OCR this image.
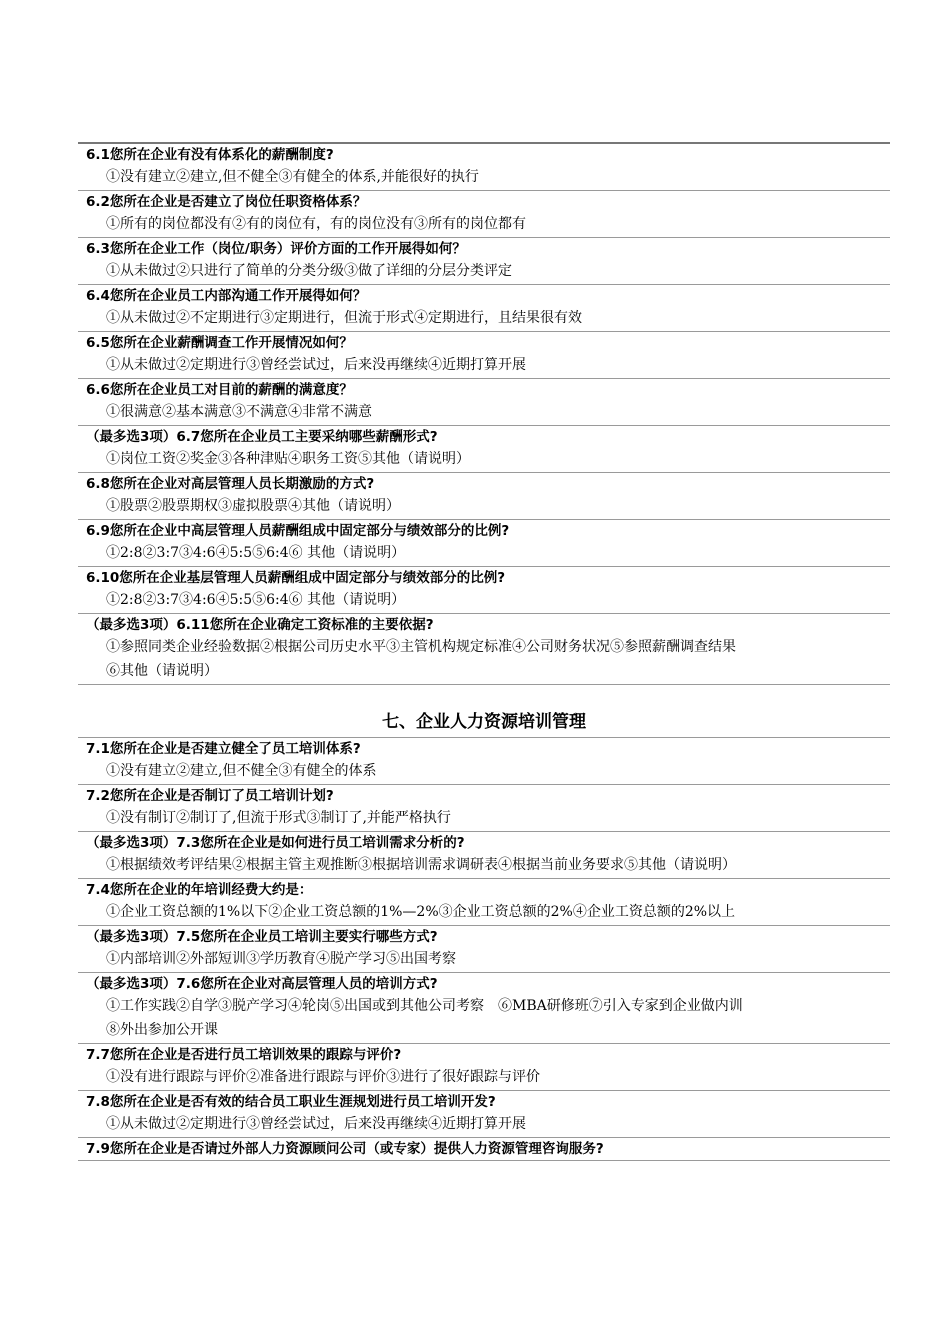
6.1您所在企业有没有体系化的薪酬制度?
①没有建立②建立,但不健全③有健全的体系,并能很好的执行
6.2您所在企业是否建立了岗位任职资格体系？
①所有的岗位都没有②有的岗位有，有的岗位没有③所有的岗位都有
6.3您所在企业工作（岗位/职务）评价方面的工作开展得如何？
①从未做过②只进行了简单的分类分级③做了详细的分层分类评定
6.4您所在企业员工内部沟通工作开展得如何？
①从未做过②不定期进行③定期进行，但流于形式④定期进行，且结果很有效
6.5您所在企业薪酬调查工作开展情况如何？
①从未做过②定期进行③曾经尝试过，后来没再继续④近期打算开展
6.6您所在企业员工对目前的薪酬的满意度？
①很满意②基本满意③不满意④非常不满意
（最多选3项）6.7您所在企业员工主要采纳哪些薪酬形式?
①岗位工资②奖金③各种津贴④职务工资⑤其他（请说明）
6.8您所在企业对高层管理人员长期激励的方式?
①股票②股票期权③虚拟股票④其他（请说明）
6.9您所在企业中高层管理人员薪酬组成中固定部分与绩效部分的比例?
①2:8②3:7③4:6④5:5⑤6:4⑥ 其他（请说明）
6.10您所在企业基层管理人员薪酬组成中固定部分与绩效部分的比例?
①2:8②3:7③4:6④5:5⑤6:4⑥ 其他（请说明）
（最多选3项）6.11您所在企业确定工资标准的主要依据?
①参照同类企业经验数据②根据公司历史水平③主管机构规定标准④公司财务状况⑤参照薪酬调查结果
⑥其他（请说明）
七、企业人力资源培训管理
7.1您所在企业是否建立健全了员工培训体系?
①没有建立②建立,但不健全③有健全的体系
7.2您所在企业是否制订了员工培训计划?
①没有制订②制订了,但流于形式③制订了,并能严格执行
（最多选3项）7.3您所在企业是如何进行员工培训需求分析的?
①根据绩效考评结果②根据主管主观推断③根据培训需求调研表④根据当前业务要求⑤其他（请说明）
7.4您所在企业的年培训经费大约是：
①企业工资总额的1%以下②企业工资总额的1%—2%③企业工资总额的2%④企业工资总额的2%以上
（最多选3项）7.5您所在企业员工培训主要实行哪些方式?
①内部培训②外部短训③学历教育④脱产学习⑤出国考察
（最多选3项）7.6您所在企业对高层管理人员的培训方式?
①工作实践②自学③脱产学习④轮岗⑤出国或到其他公司考察　⑥MBA研修班⑦引入专家到企业做内训
⑧外出参加公开课
7.7您所在企业是否进行员工培训效果的跟踪与评价?
①没有进行跟踪与评价②准备进行跟踪与评价③进行了很好跟踪与评价
7.8您所在企业是否有效的结合员工职业生涯规划进行员工培训开发?
①从未做过②定期进行③曾经尝试过，后来没再继续④近期打算开展
7.9您所在企业是否请过外部人力资源顾问公司（或专家）提供人力资源管理咨询服务?
